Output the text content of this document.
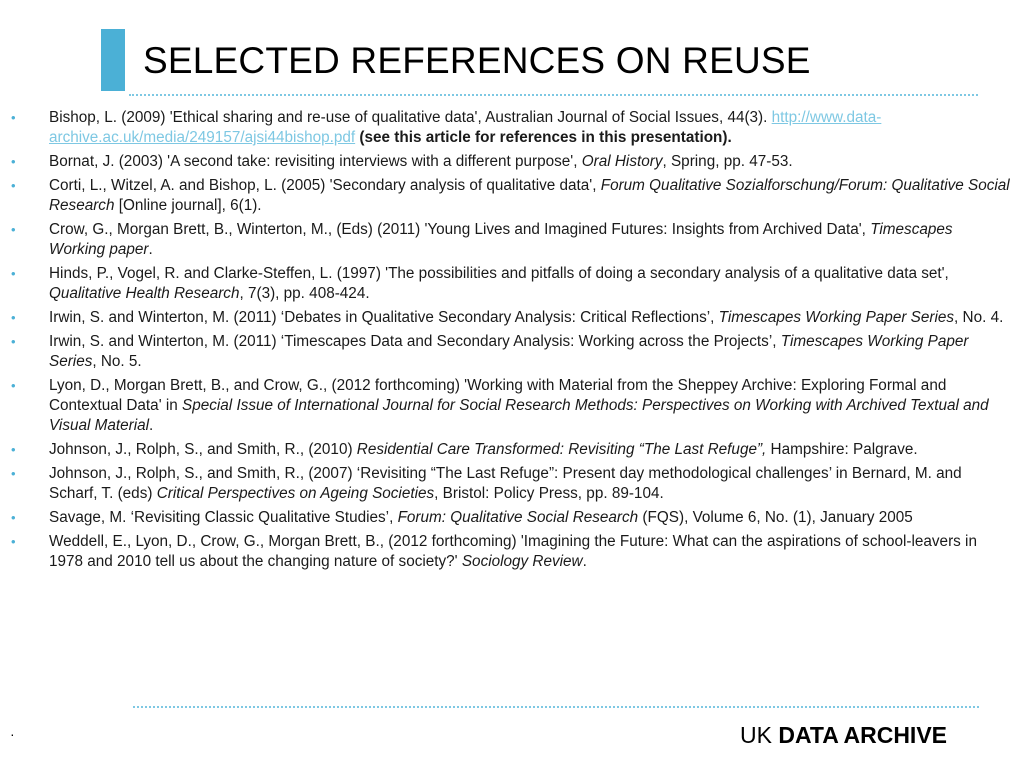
SELECTED REFERENCES ON REUSE
• Bishop, L. (2009) 'Ethical sharing and re-use of qualitative data', Australian Journal of Social Issues, 44(3). http://www.data-archive.ac.uk/media/249157/ajsi44bishop.pdf (see this article for references in this presentation).
• Bornat, J. (2003) 'A second take: revisiting interviews with a different purpose', Oral History, Spring, pp. 47-53.
• Corti, L., Witzel, A. and Bishop, L. (2005) 'Secondary analysis of qualitative data', Forum Qualitative Sozialforschung/Forum: Qualitative Social Research [Online journal], 6(1).
• Crow, G., Morgan Brett, B., Winterton, M., (Eds) (2011) 'Young Lives and Imagined Futures: Insights from Archived Data', Timescapes Working paper.
• Hinds, P., Vogel, R. and Clarke-Steffen, L. (1997) 'The possibilities and pitfalls of doing a secondary analysis of a qualitative data set', Qualitative Health Research, 7(3), pp. 408-424.
• Irwin, S. and Winterton, M. (2011) ‘Debates in Qualitative Secondary Analysis: Critical Reflections’, Timescapes Working Paper Series, No. 4.
• Irwin, S. and Winterton, M. (2011) ‘Timescapes Data and Secondary Analysis: Working across the Projects’, Timescapes Working Paper Series, No. 5.
• Lyon, D., Morgan Brett, B., and Crow, G., (2012 forthcoming) 'Working with Material from the Sheppey Archive: Exploring Formal and Contextual Data' in Special Issue of International Journal for Social Research Methods: Perspectives on Working with Archived Textual and Visual Material.
• Johnson, J., Rolph, S., and Smith, R., (2010) Residential Care Transformed: Revisiting “The Last Refuge”, Hampshire: Palgrave.
• Johnson, J., Rolph, S., and Smith, R., (2007) ‘Revisiting “The Last Refuge”: Present day methodological challenges’ in Bernard, M. and Scharf, T. (eds) Critical Perspectives on Ageing Societies, Bristol: Policy Press, pp. 89-104.
• Savage, M. ‘Revisiting Classic Qualitative Studies’, Forum: Qualitative Social Research (FQS), Volume 6, No. (1), January 2005
• Weddell, E., Lyon, D., Crow, G., Morgan Brett, B., (2012 forthcoming) 'Imagining the Future: What can the aspirations of school-leavers in 1978 and 2010 tell us about the changing nature of society?' Sociology Review.
·	UK DATA ARCHIVE
